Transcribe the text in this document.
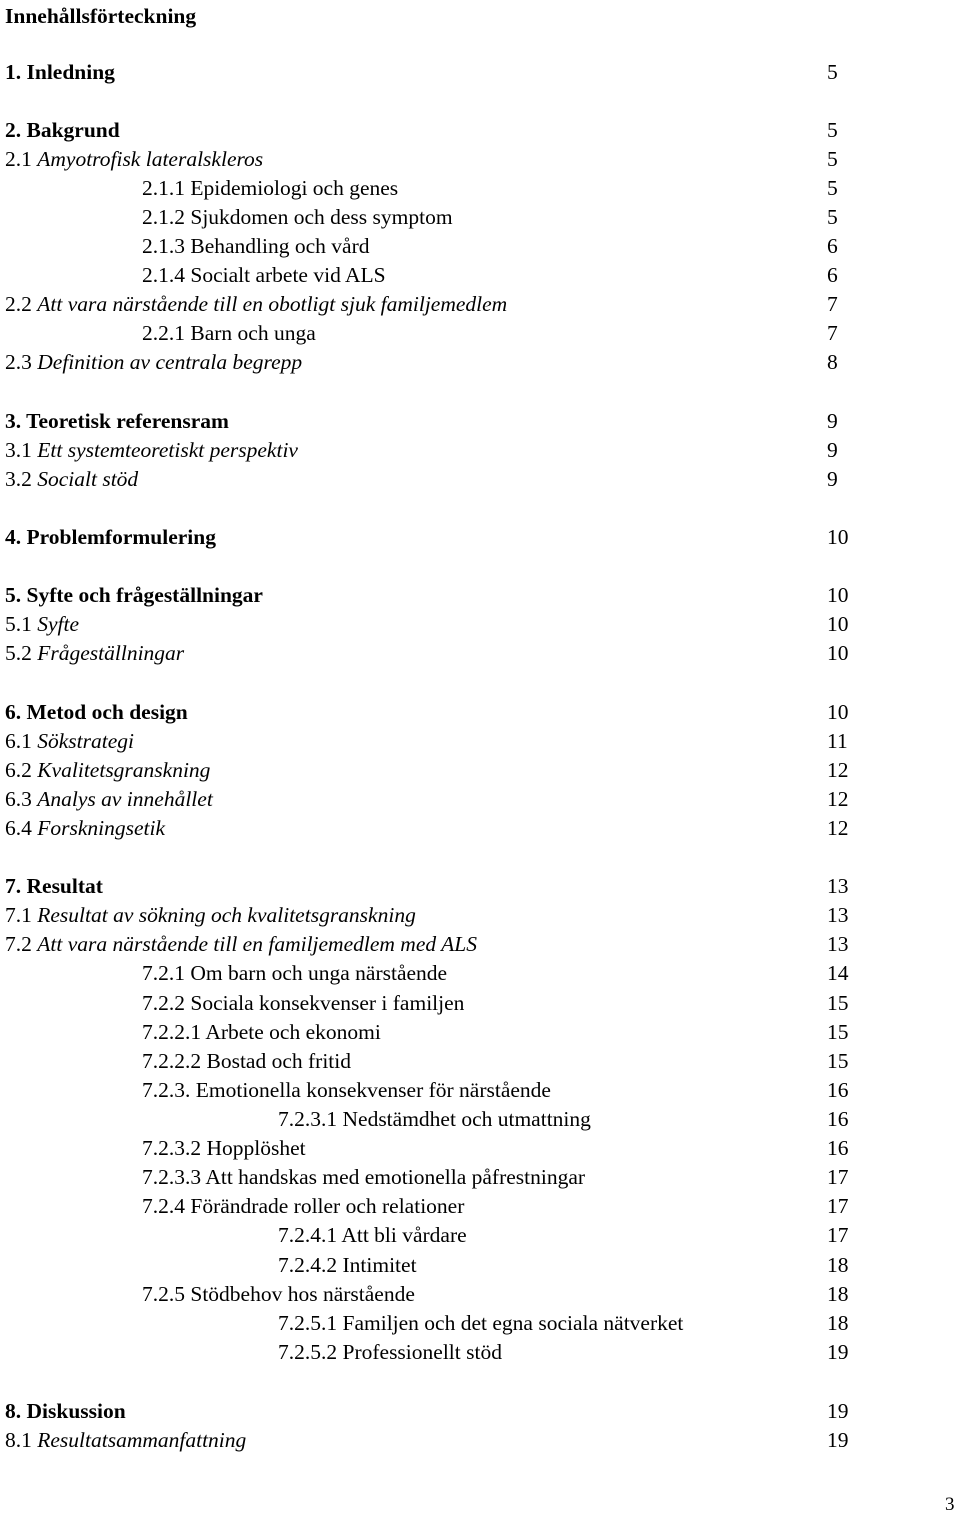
Innehållsförteckning
1. Inledning	5
2. Bakgrund	5
2.1 Amyotrofisk lateralskleros	5
2.1.1 Epidemiologi och genes	5
2.1.2 Sjukdomen och dess symptom	5
2.1.3 Behandling och vård	6
2.1.4 Socialt arbete vid ALS	6
2.2 Att vara närstående till en obotligt sjuk familjemedlem	7
2.2.1 Barn och unga	7
2.3 Definition av centrala begrepp	8
3. Teoretisk referensram	9
3.1 Ett systemteoretiskt perspektiv	9
3.2 Socialt stöd	9
4. Problemformulering	10
5. Syfte och frågeställningar	10
5.1 Syfte	10
5.2 Frågeställningar	10
6. Metod och design	10
6.1 Sökstrategi	11
6.2 Kvalitetsgranskning	12
6.3 Analys av innehållet	12
6.4 Forskningsetik	12
7. Resultat	13
7.1 Resultat av sökning och kvalitetsgranskning	13
7.2 Att vara närstående till en familjemedlem med ALS	13
7.2.1 Om barn och unga närstående	14
7.2.2 Sociala konsekvenser i familjen	15
7.2.2.1 Arbete och ekonomi	15
7.2.2.2 Bostad och fritid	15
7.2.3. Emotionella konsekvenser för närstående	16
7.2.3.1 Nedstämdhet och utmattning	16
7.2.3.2 Hopplöshet	16
7.2.3.3 Att handskas med emotionella påfrestningar	17
7.2.4 Förändrade roller och relationer	17
7.2.4.1 Att bli vårdare	17
7.2.4.2 Intimitet	18
7.2.5 Stödbehov hos närstående	18
7.2.5.1 Familjen och det egna sociala nätverket	18
7.2.5.2 Professionellt stöd	19
8. Diskussion	19
8.1 Resultatsammanfattning	19
3
